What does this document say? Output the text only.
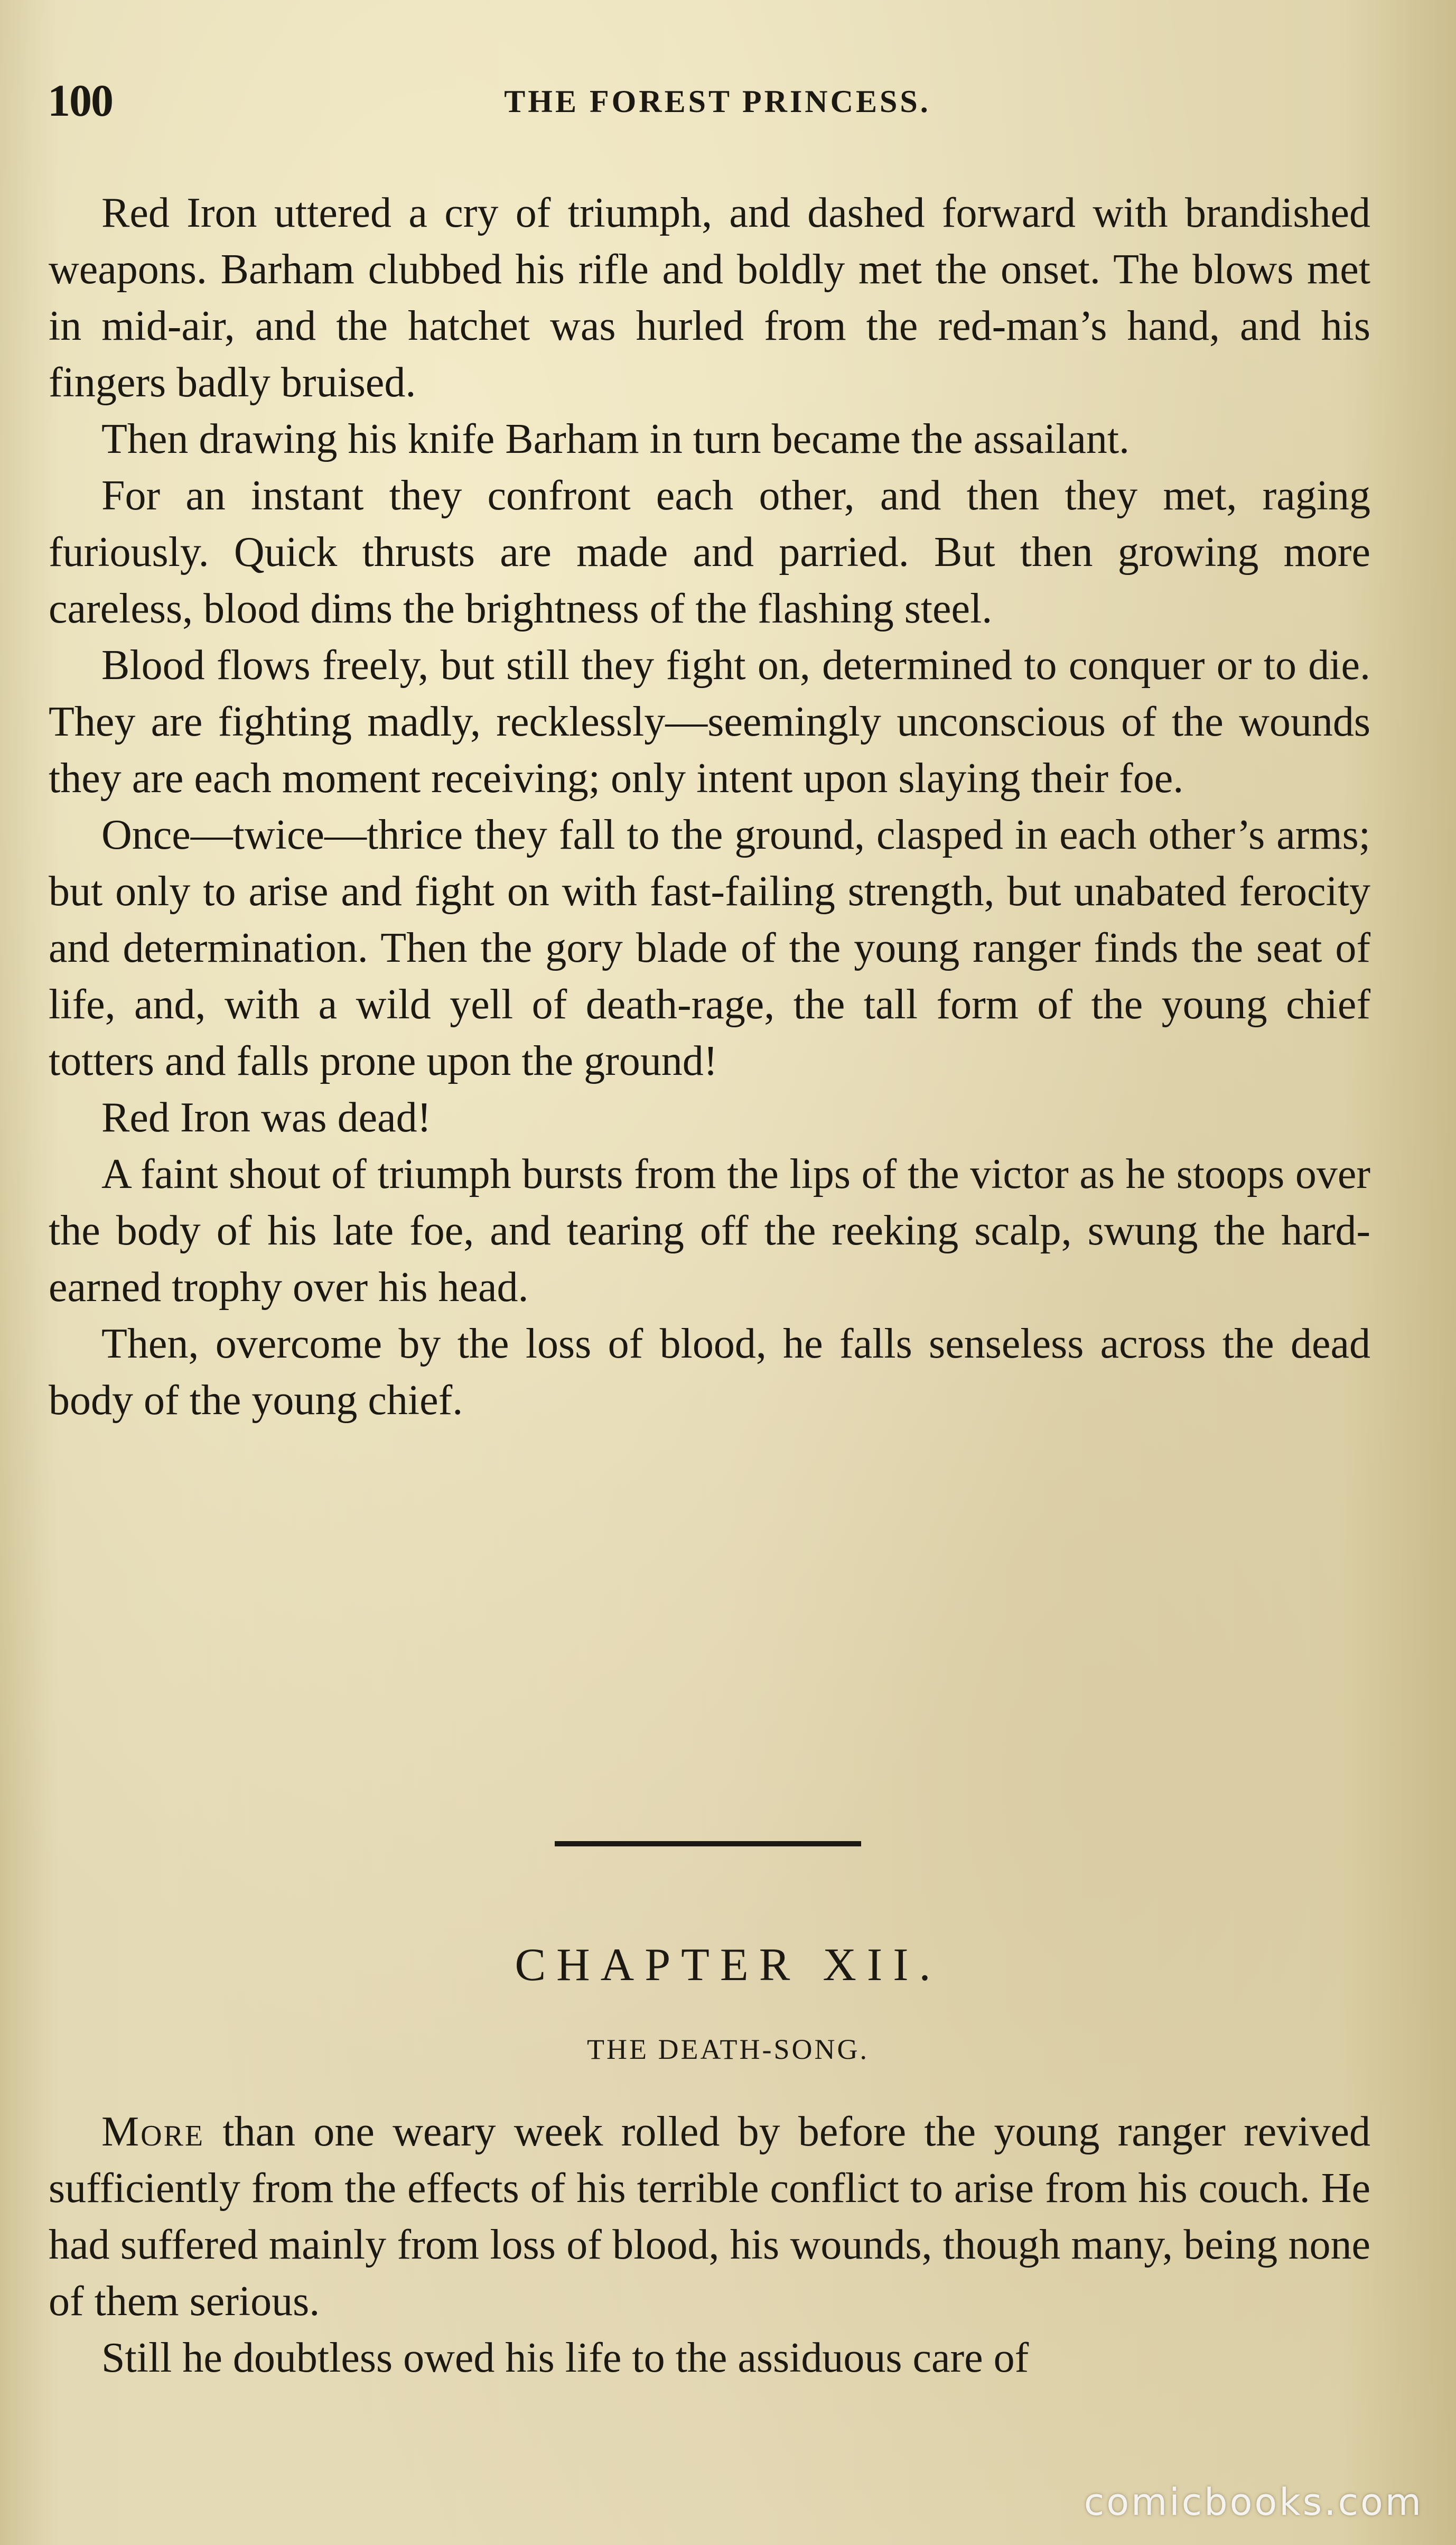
100	THE FOREST PRINCESS.

Red Iron uttered a cry of triumph, and dashed forward with brandished weapons. Barham clubbed his rifle and boldly met the onset. The blows met in mid-air, and the hatchet was hurled from the red-man’s hand, and his fingers badly bruised.

Then drawing his knife Barham in turn became the assailant.

For an instant they confront each other, and then they met, raging furiously. Quick thrusts are made and parried. But then growing more careless, blood dims the brightness of the flashing steel.

Blood flows freely, but still they fight on, determined to conquer or to die. They are fighting madly, recklessly—seemingly unconscious of the wounds they are each moment receiving; only intent upon slaying their foe.

Once—twice—thrice they fall to the ground, clasped in each other’s arms; but only to arise and fight on with fast-failing strength, but unabated ferocity and determination. Then the gory blade of the young ranger finds the seat of life, and, with a wild yell of death-rage, the tall form of the young chief totters and falls prone upon the ground!

Red Iron was dead!

A faint shout of triumph bursts from the lips of the victor as he stoops over the body of his late foe, and tearing off the reeking scalp, swung the hard-earned trophy over his head.

Then, overcome by the loss of blood, he falls senseless across the dead body of the young chief.

CHAPTER XII.
THE DEATH-SONG.

More than one weary week rolled by before the young ranger revived sufficiently from the effects of his terrible conflict to arise from his couch. He had suffered mainly from loss of blood, his wounds, though many, being none of them serious.

Still he doubtless owed his life to the assiduous care of

comicbooks.com
